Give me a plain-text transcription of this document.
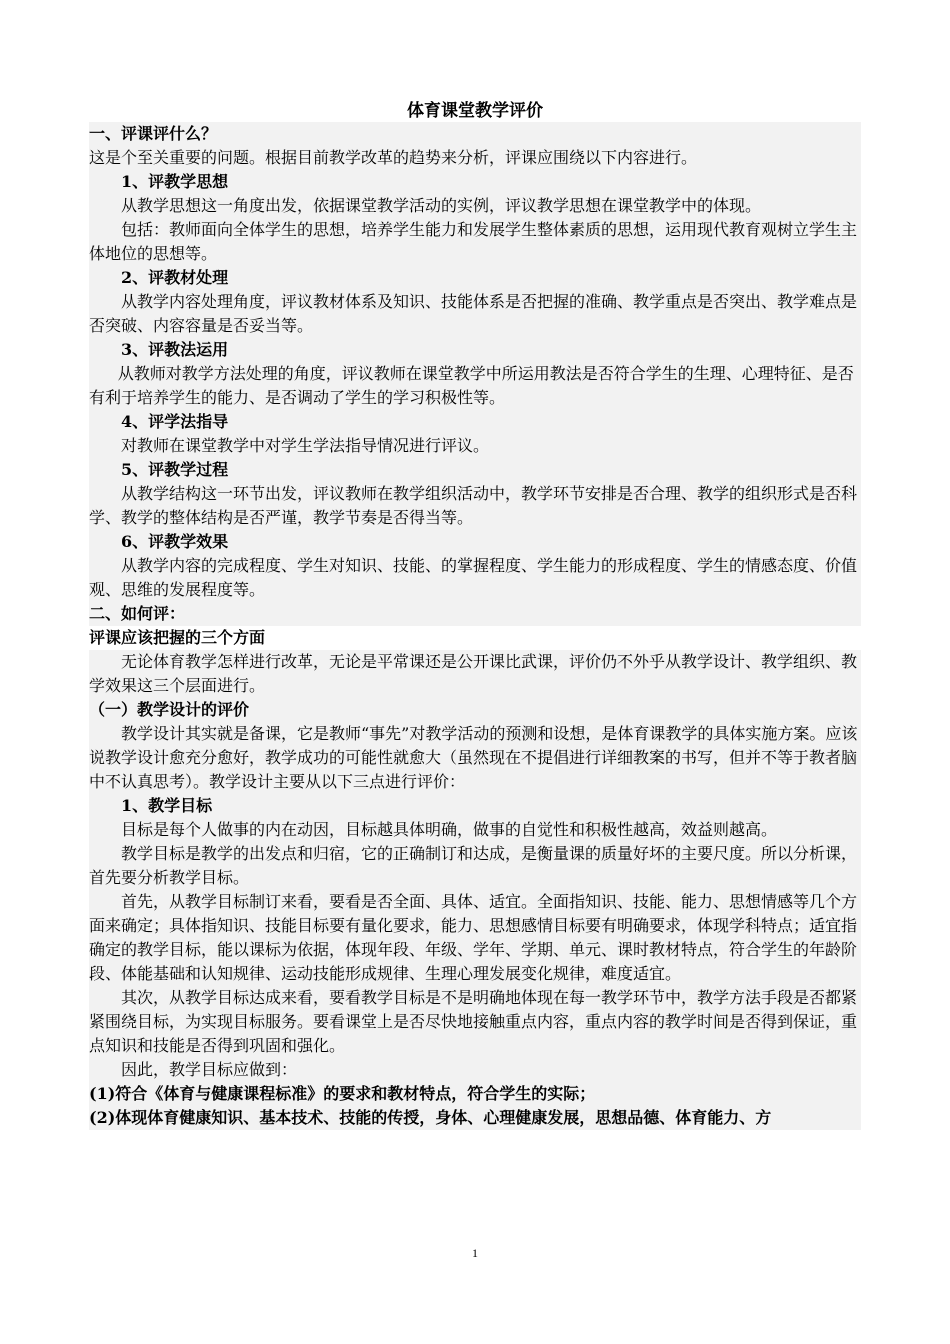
体育课堂教学评价

一、评课评什么？

这是个至关重要的问题。根据目前教学改革的趋势来分析，评课应围绕以下内容进行。

1、评教学思想

从教学思想这一角度出发，依据课堂教学活动的实例，评议教学思想在课堂教学中的体现。

包括：教师面向全体学生的思想，培养学生能力和发展学生整体素质的思想，运用现代教育观树立学生主体地位的思想等。

2、评教材处理

从教学内容处理角度，评议教材体系及知识、技能体系是否把握的准确、教学重点是否突出、教学难点是否突破、内容容量是否妥当等。

3、评教法运用

从教师对教学方法处理的角度，评议教师在课堂教学中所运用教法是否符合学生的生理、心理特征、是否有利于培养学生的能力、是否调动了学生的学习积极性等。

4、评学法指导

对教师在课堂教学中对学生学法指导情况进行评议。

5、评教学过程

从教学结构这一环节出发，评议教师在教学组织活动中，教学环节安排是否合理、教学的组织形式是否科学、教学的整体结构是否严谨，教学节奏是否得当等。

6、评教学效果

从教学内容的完成程度、学生对知识、技能、的掌握程度、学生能力的形成程度、学生的情感态度、价值观、思维的发展程度等。

二、如何评：

评课应该把握的三个方面

无论体育教学怎样进行改革，无论是平常课还是公开课比武课，评价仍不外乎从教学设计、教学组织、教学效果这三个层面进行。

（一）教学设计的评价

教学设计其实就是备课，它是教师“事先”对教学活动的预测和设想，是体育课教学的具体实施方案。应该说教学设计愈充分愈好，教学成功的可能性就愈大（虽然现在不提倡进行详细教案的书写，但并不等于教者脑中不认真思考）。教学设计主要从以下三点进行评价：

1、教学目标

目标是每个人做事的内在动因，目标越具体明确，做事的自觉性和积极性越高，效益则越高。

教学目标是教学的出发点和归宿，它的正确制订和达成，是衡量课的质量好坏的主要尺度。所以分析课，首先要分析教学目标。

首先，从教学目标制订来看，要看是否全面、具体、适宜。全面指知识、技能、能力、思想情感等几个方面来确定；具体指知识、技能目标要有量化要求，能力、思想感情目标要有明确要求，体现学科特点；适宜指确定的教学目标，能以课标为依据，体现年段、年级、学年、学期、单元、课时教材特点，符合学生的年龄阶段、体能基础和认知规律、运动技能形成规律、生理心理发展变化规律，难度适宜。

其次，从教学目标达成来看，要看教学目标是不是明确地体现在每一教学环节中，教学方法手段是否都紧紧围绕目标，为实现目标服务。要看课堂上是否尽快地接触重点内容，重点内容的教学时间是否得到保证，重点知识和技能是否得到巩固和强化。

因此，教学目标应做到：

(1)符合《体育与健康课程标准》的要求和教材特点，符合学生的实际；

(2)体现体育健康知识、基本技术、技能的传授，身体、心理健康发展，思想品德、体育能力、方

1
